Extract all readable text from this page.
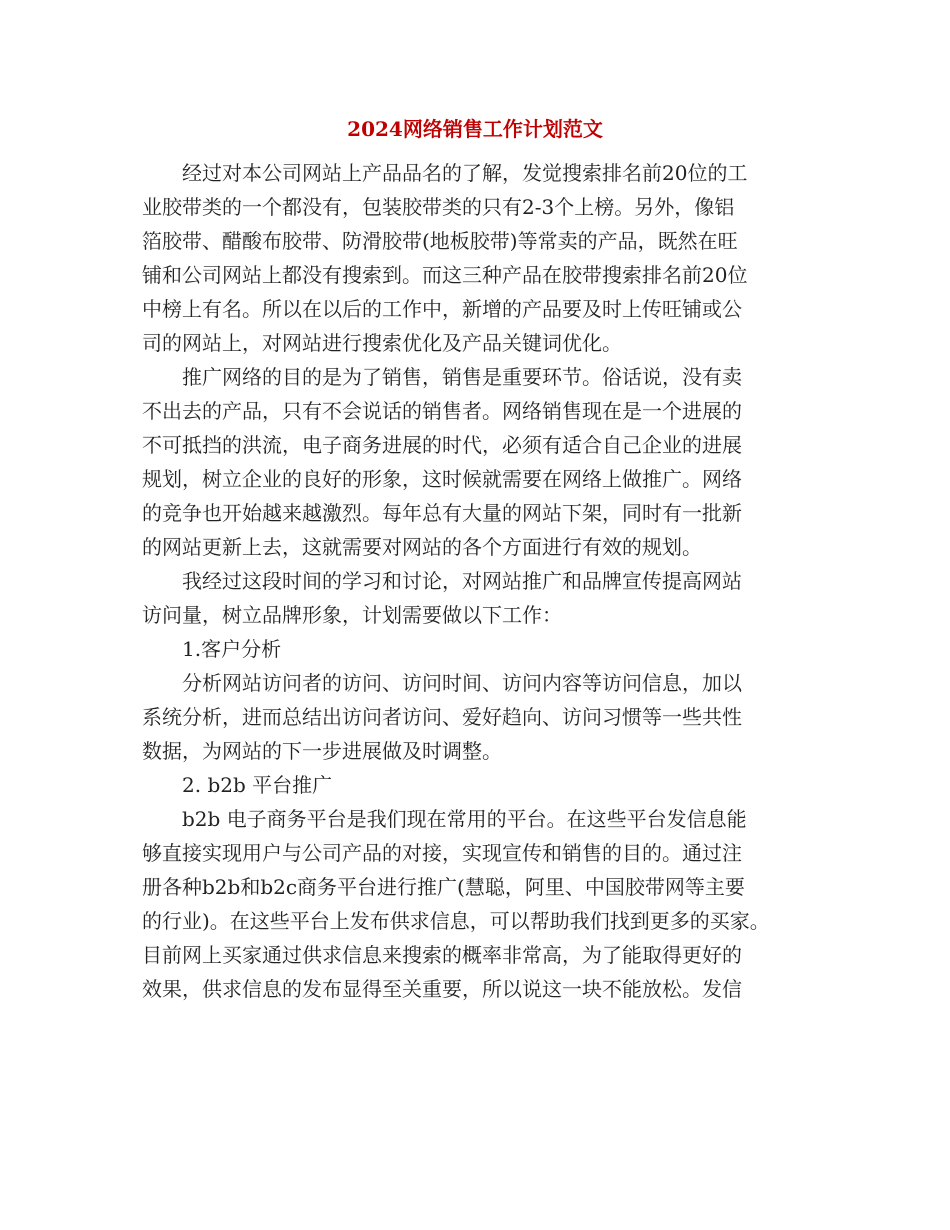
2024网络销售工作计划范文

经过对本公司网站上产品品名的了解，发觉搜索排名前20位的工
业胶带类的一个都没有，包装胶带类的只有2-3个上榜。另外，像铝
箔胶带、醋酸布胶带、防滑胶带(地板胶带)等常卖的产品，既然在旺
铺和公司网站上都没有搜索到。而这三种产品在胶带搜索排名前20位
中榜上有名。所以在以后的工作中，新增的产品要及时上传旺铺或公
司的网站上，对网站进行搜索优化及产品关键词优化。

推广网络的目的是为了销售，销售是重要环节。俗话说，没有卖
不出去的产品，只有不会说话的销售者。网络销售现在是一个进展的
不可抵挡的洪流，电子商务进展的时代，必须有适合自己企业的进展
规划，树立企业的良好的形象，这时候就需要在网络上做推广。网络
的竞争也开始越来越激烈。每年总有大量的网站下架，同时有一批新
的网站更新上去，这就需要对网站的各个方面进行有效的规划。

我经过这段时间的学习和讨论，对网站推广和品牌宣传提高网站
访问量，树立品牌形象，计划需要做以下工作：

1.客户分析

分析网站访问者的访问、访问时间、访问内容等访问信息，加以
系统分析，进而总结出访问者访问、爱好趋向、访问习惯等一些共性
数据，为网站的下一步进展做及时调整。

2. b2b 平台推广

b2b 电子商务平台是我们现在常用的平台。在这些平台发信息能
够直接实现用户与公司产品的对接，实现宣传和销售的目的。通过注
册各种b2b和b2c商务平台进行推广(慧聪，阿里、中国胶带网等主要
的行业)。在这些平台上发布供求信息，可以帮助我们找到更多的买家。
目前网上买家通过供求信息来搜索的概率非常高，为了能取得更好的
效果，供求信息的发布显得至关重要，所以说这一块不能放松。发信
